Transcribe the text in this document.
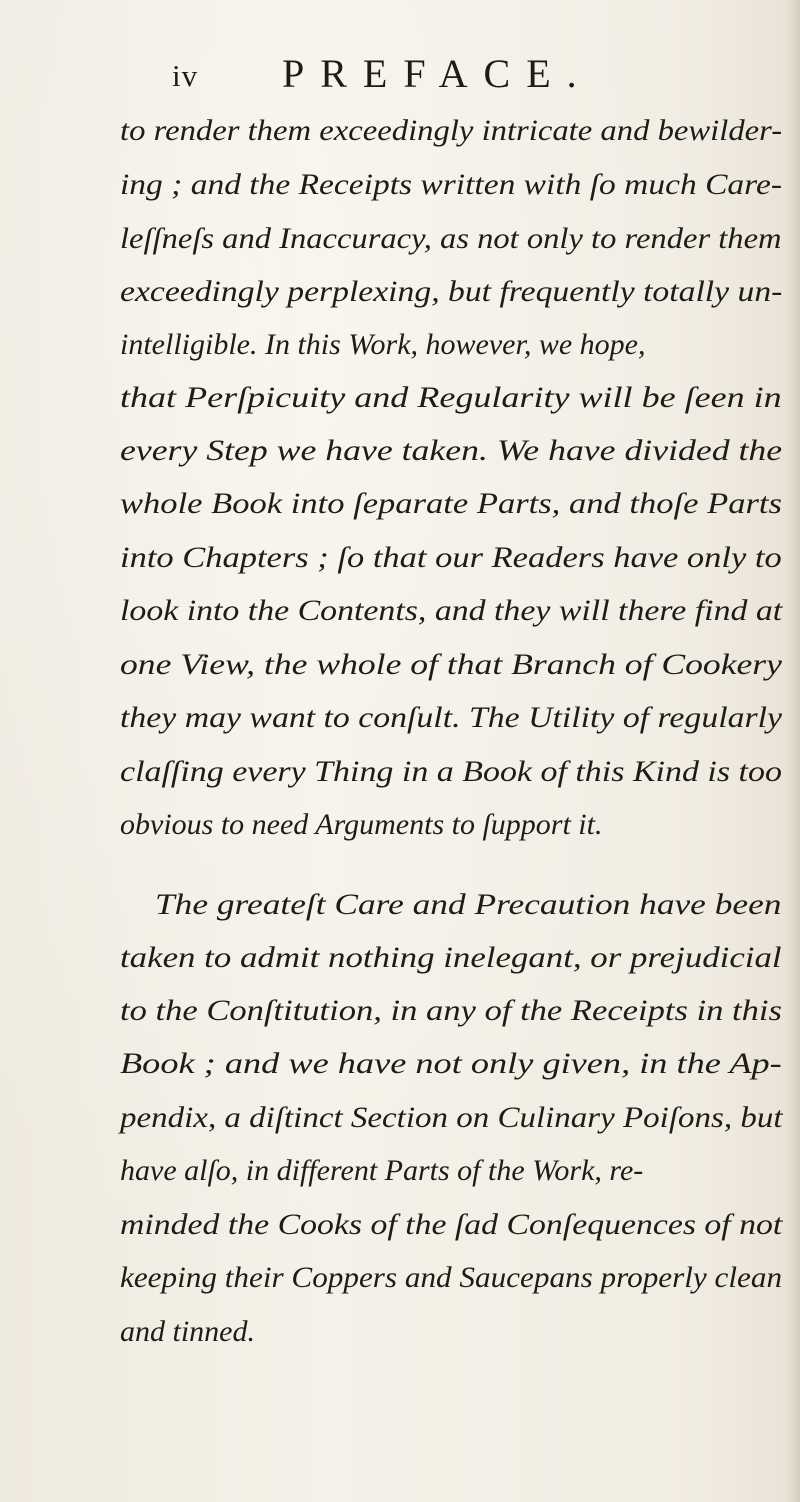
iv PREFACE.
to render them exceedingly intricate and bewilder-
ing ; and the Receipts written with ſo much Care-
leſſneſs and Inaccuracy, as not only to render them
exceedingly perplexing, but frequently totally un-
intelligible. In this Work, however, we hope,
that Perſpicuity and Regularity will be ſeen in
every Step we have taken. We have divided the
whole Book into ſeparate Parts, and thoſe Parts
into Chapters ; ſo that our Readers have only to
look into the Contents, and they will there find at
one View, the whole of that Branch of Cookery
they may want to conſult. The Utility of regularly
claſſing every Thing in a Book of this Kind is too
obvious to need Arguments to ſupport it.
The greateſt Care and Precaution have been
taken to admit nothing inelegant, or prejudicial
to the Conſtitution, in any of the Receipts in this
Book ; and we have not only given, in the Ap-
pendix, a diſtinct Section on Culinary Poiſons, but
have alſo, in different Parts of the Work, re-
minded the Cooks of the ſad Conſequences of not
keeping their Coppers and Saucepans properly clean
and tinned.
